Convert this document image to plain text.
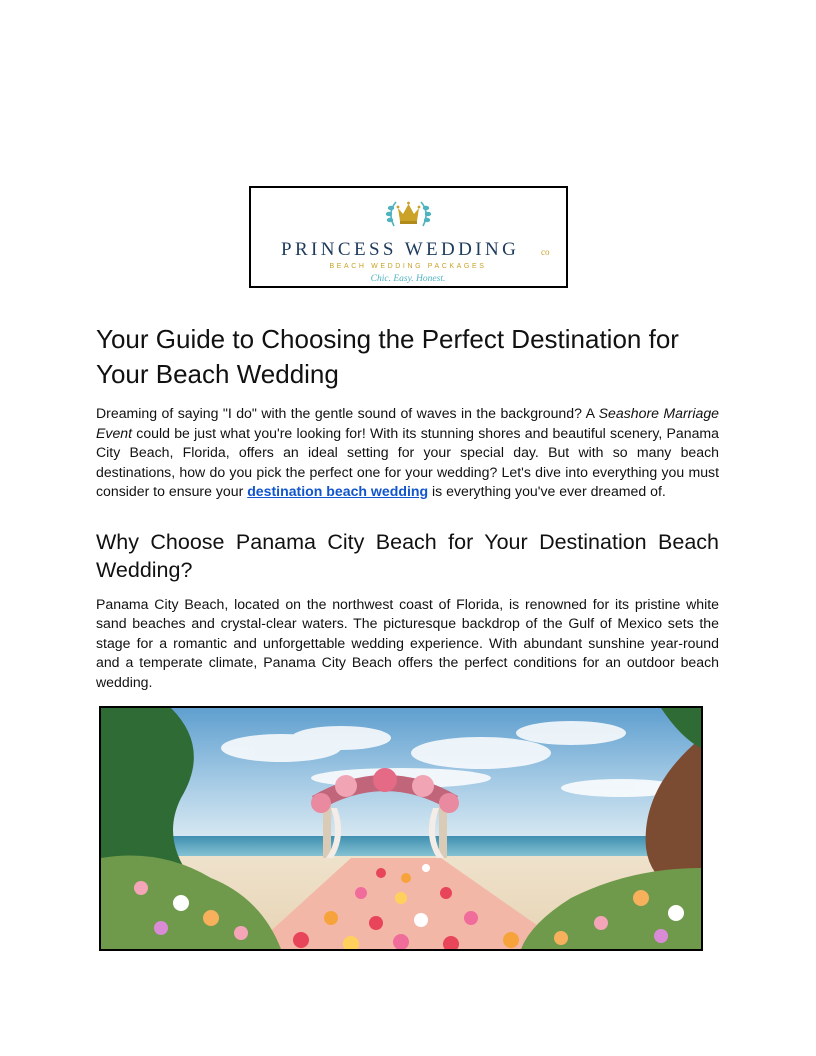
PRINCESS WEDDING co
BEACH WEDDING PACKAGES
Chic. Easy. Honest.
Your Guide to Choosing the Perfect Destination for Your Beach Wedding

Dreaming of saying "I do" with the gentle sound of waves in the background? A Seashore Marriage Event could be just what you're looking for! With its stunning shores and beautiful scenery, Panama City Beach, Florida, offers an ideal setting for your special day. But with so many beach destinations, how do you pick the perfect one for your wedding? Let's dive into everything you must consider to ensure your destination beach wedding is everything you've ever dreamed of.

Why Choose Panama City Beach for Your Destination Beach
Wedding?

Panama City Beach, located on the northwest coast of Florida, is renowned for its pristine white sand beaches and crystal-clear waters. The picturesque backdrop of the Gulf of Mexico sets the stage for a romantic and unforgettable wedding experience. With abundant sunshine year-round and a temperate climate, Panama City Beach offers the perfect conditions for an outdoor beach wedding.
